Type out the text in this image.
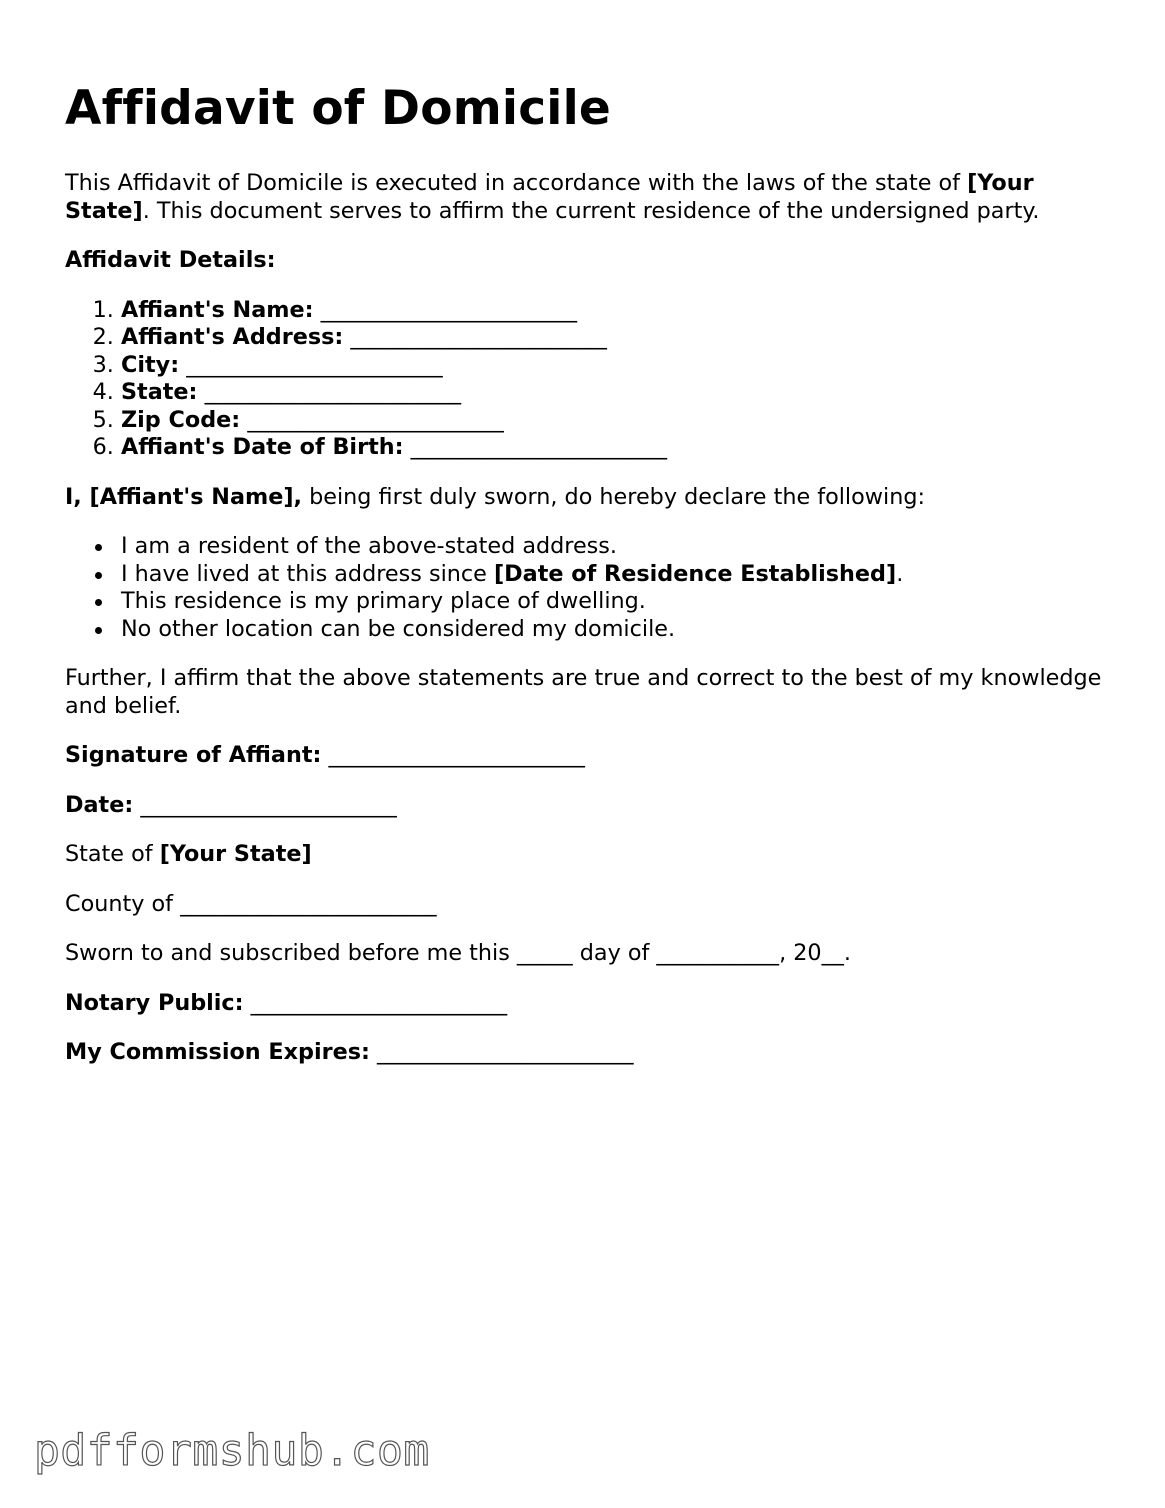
Affidavit of Domicile

This Affidavit of Domicile is executed in accordance with the laws of the state of [Your State]. This document serves to affirm the current residence of the undersigned party.

Affidavit Details:

1. Affiant's Name: _______________________
2. Affiant's Address: _______________________
3. City: _______________________
4. State: _______________________
5. Zip Code: _______________________
6. Affiant's Date of Birth: _______________________

I, [Affiant's Name], being first duly sworn, do hereby declare the following:

I am a resident of the above-stated address.
I have lived at this address since [Date of Residence Established].
This residence is my primary place of dwelling.
No other location can be considered my domicile.

Further, I affirm that the above statements are true and correct to the best of my knowledge and belief.

Signature of Affiant: _______________________

Date: _______________________

State of [Your State]

County of _______________________

Sworn to and subscribed before me this _____ day of ___________, 20__.

Notary Public: _______________________

My Commission Expires: _______________________

pdfformshub.com
